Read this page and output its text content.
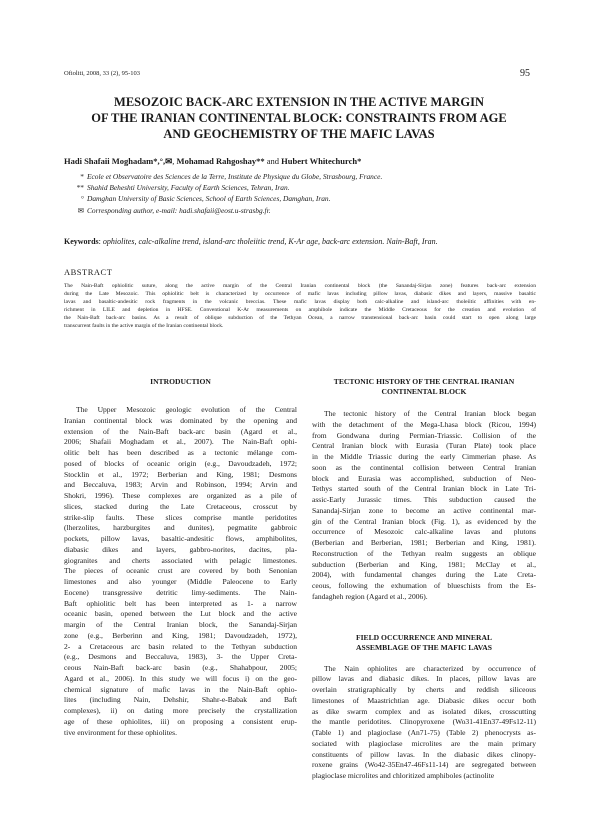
Ofioliti, 2008, 33 (2), 95-103	95
MESOZOIC BACK-ARC EXTENSION IN THE ACTIVE MARGIN
OF THE IRANIAN CONTINENTAL BLOCK: CONSTRAINTS FROM AGE
AND GEOCHEMISTRY OF THE MAFIC LAVAS
Hadi Shafaii Moghadam*,°,✉, Mohamad Rahgoshay** and Hubert Whitechurch*
* Ecole et Observatoire des Sciences de la Terre, Institute de Physique du Globe, Strasbourg, France.
** Shahid Beheshti University, Faculty of Earth Sciences, Tehran, Iran.
° Damghan University of Basic Sciences, School of Earth Sciences, Damghan, Iran.
✉ Corresponding author, e-mail: hadi.shafaii@eost.u-strasbg.fr.
Keywords: ophiolites, calc-alkaline trend, island-arc tholeiitic trend, K-Ar age, back-arc extension. Nain-Baft, Iran.
ABSTRACT
The Nain-Baft ophiolitic suture, along the active margin of the Central Iranian continental block (the Sanandaj-Sirjan zone) features back-arc extension
during the Late Mesozoic. This ophiolitic belt is characterized by occurrence of mafic lavas including pillow lavas, diabasic dikes and layers, massive basaltic
lavas and basaltic-andesitic rock fragments in the volcanic breccias. These mafic lavas display both calc-alkaline and island-arc tholeiitic affinities with en-
richment in LILE and depletion in HFSE. Conventional K-Ar measurements on amphibole indicate the Middle Cretaceous for the creation and evolution of
the Nain-Baft back-arc basins. As a result of oblique subduction of the Tethyan Ocean, a narrow transtensional back-arc basin could start to open along large
transcurrent faults in the active margin of the Iranian continental block.
INTRODUCTION
The Upper Mesozoic geologic evolution of the Central
Iranian continental block was dominated by the opening and
extension of the Nain-Baft back-arc basin (Agard et al.,
2006; Shafaii Moghadam et al., 2007). The Nain-Baft ophi-
olitic belt has been described as a tectonic mélange com-
posed of blocks of oceanic origin (e.g., Davoudzadeh, 1972;
Stocklin et al., 1972; Berberian and King, 1981; Desmons
and Beccaluva, 1983; Arvin and Robinson, 1994; Arvin and
Shokri, 1996). These complexes are organized as a pile of
slices, stacked during the Late Cretaceous, crosscut by
strike-slip faults. These slices comprise mantle peridotites
(lherzolites, harzburgites and dunites), pegmatite gabbroic
pockets, pillow lavas, basaltic-andesitic flows, amphibolites,
diabasic dikes and layers, gabbro-norites, dacites, pla-
giogranites and cherts associated with pelagic limestones.
The pieces of oceanic crust are covered by both Senonian
limestones and also younger (Middle Paleocene to Early
Eocene) transgressive detritic limy-sediments. The Nain-
Baft ophiolitic belt has been interpreted as 1- a narrow
oceanic basin, opened between the Lut block and the active
margin of the Central Iranian block, the Sanandaj-Sirjan
zone (e.g., Berberinn and King, 1981; Davoudzadeh, 1972),
2- a Cretaceous arc basin related to the Tethyan subduction
(e.g., Desmons and Beccaluva, 1983), 3- the Upper Creta-
ceous Nain-Baft back-arc basin (e.g., Shahabpour, 2005;
Agard et al., 2006). In this study we will focus i) on the geo-
chemical signature of mafic lavas in the Nain-Baft ophio-
lites (including Nain, Dehshir, Shahr-e-Babak and Baft
complexes), ii) on dating more precisely the crystallization
age of these ophiolites, iii) on proposing a consistent erup-
tive environment for these ophiolites.
TECTONIC HISTORY OF THE CENTRAL IRANIAN
CONTINENTAL BLOCK
The tectonic history of the Central Iranian block began
with the detachment of the Mega-Lhasa block (Ricou, 1994)
from Gondwana during Permian-Triassic. Collision of the
Central Iranian block with Eurasia (Turan Plate) took place
in the Middle Triassic during the early Cimmerian phase. As
soon as the continental collision between Central Iranian
block and Eurasia was accomplished, subduction of Neo-
Tethys started south of the Central Iranian block in Late Tri-
assic-Early Jurassic times. This subduction caused the
Sanandaj-Sirjan zone to become an active continental mar-
gin of the Central Iranian block (Fig. 1), as evidenced by the
occurrence of Mesozoic calc-alkaline lavas and plutons
(Berberian and Berberian, 1981; Berberian and King, 1981).
Reconstruction of the Tethyan realm suggests an oblique
subduction (Berberian and King, 1981; McClay et al.,
2004), with fundamental changes during the Late Creta-
ceous, following the exhumation of blueschists from the Es-
fandagheh region (Agard et al., 2006).
FIELD OCCURRENCE AND MINERAL
ASSEMBLAGE OF THE MAFIC LAVAS
The Nain ophiolites are characterized by occurrence of
pillow lavas and diabasic dikes. In places, pillow lavas are
overlain stratigraphically by cherts and reddish siliceous
limestones of Maastrichtian age. Diabasic dikes occur both
as dike swarm complex and as isolated dikes, crosscutting
the mantle peridotites. Clinopyroxene (Wo31-41En37-49Fs12-11)
(Table 1) and plagioclase (An71-75) (Table 2) phenocrysts as-
sociated with plagioclase microlites are the main primary
constituents of pillow lavas. In the diabasic dikes clinopy-
roxene grains (Wo42-35En47-46Fs11-14) are segregated between
plagioclase microlites and chloritized amphiboles (actinolite
